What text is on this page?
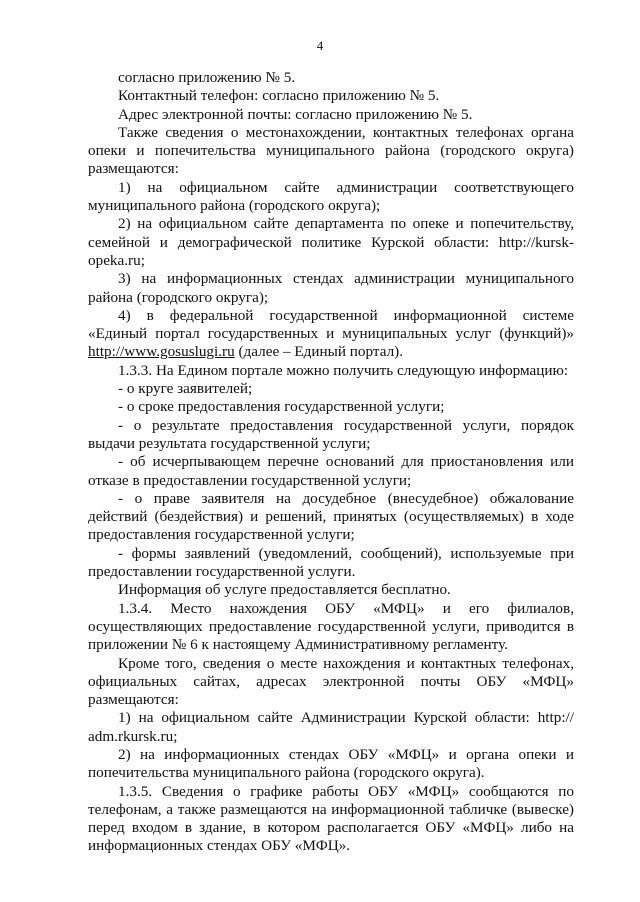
4

согласно приложению № 5.

Контактный телефон: согласно приложению № 5.

Адрес электронной почты: согласно приложению № 5.

Также сведения о местонахождении, контактных телефонах органа опеки и попечительства муниципального района (городского округа) размещаются:

1) на официальном сайте администрации соответствующего муниципального района (городского округа);

2) на официальном сайте департамента по опеке и попечительству, семейной и демографической политике Курской области: http://kursk-opeka.ru;

3) на информационных стендах администрации муниципального района (городского округа);

4) в федеральной государственной информационной системе «Единый портал государственных и муниципальных услуг (функций)»

http://www.gosuslugi.ru (далее – Единый портал).

1.3.3. На Едином портале можно получить следующую информацию:

- о круге заявителей;

- о сроке предоставления государственной услуги;

- о результате предоставления государственной услуги, порядок выдачи результата государственной услуги;

- об исчерпывающем перечне оснований для приостановления или отказе в предоставлении государственной услуги;

- о праве заявителя на досудебное (внесудебное) обжалование действий (бездействия) и решений, принятых (осуществляемых) в ходе предоставления государственной услуги;

- формы заявлений (уведомлений, сообщений), используемые при предоставлении государственной услуги.

Информация об услуге предоставляется бесплатно.

1.3.4. Место нахождения ОБУ «МФЦ» и его филиалов, осуществляющих предоставление государственной услуги, приводится в приложении № 6 к настоящему Административному регламенту.

Кроме того, сведения о месте нахождения и контактных телефонах, официальных сайтах, адресах электронной почты ОБУ «МФЦ» размещаются:

1) на официальном сайте Администрации Курской области: http:// adm.rkursk.ru;

2) на информационных стендах ОБУ «МФЦ» и органа опеки и попечительства муниципального района (городского округа).

1.3.5. Сведения о графике работы ОБУ «МФЦ» сообщаются по телефонам, а также размещаются на информационной табличке (вывеске) перед входом в здание, в котором располагается ОБУ «МФЦ» либо на информационных стендах ОБУ «МФЦ».
